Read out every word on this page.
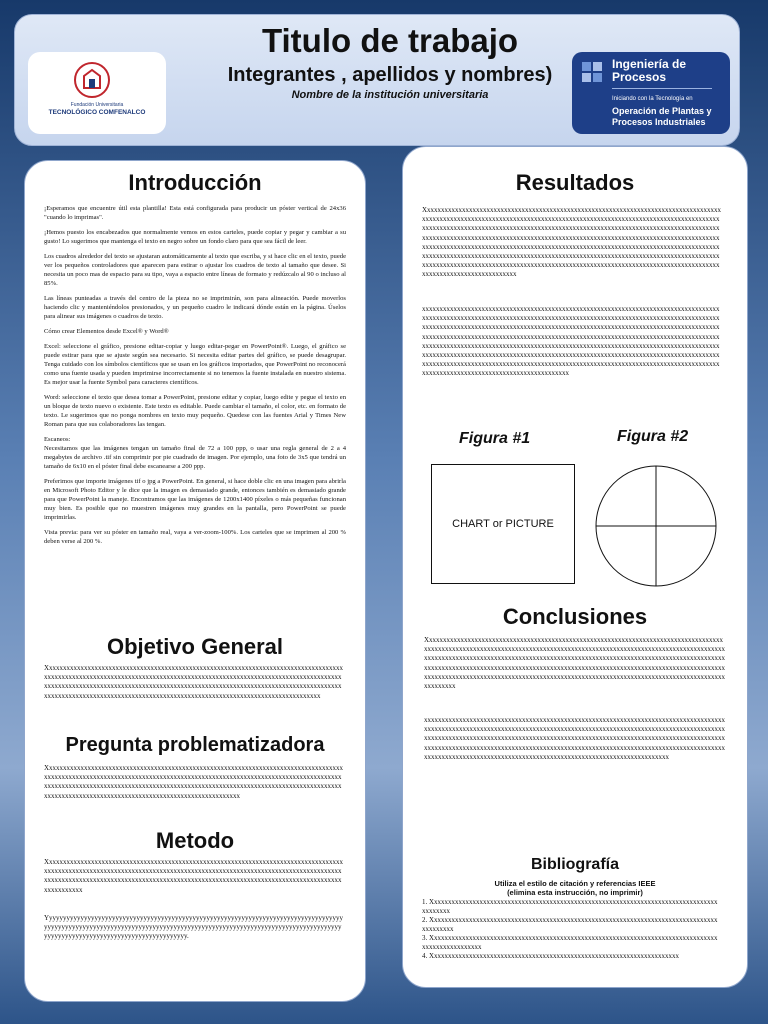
Fundación Universitaria
TECNOLÓGICO COMFENALCO
Titulo de trabajo
Integrantes , apellidos y nombres)
Nombre de la institución universitaria
Ingeniería de
Procesos
Iniciando con la Tecnología en
Operación de Plantas y
Procesos Industriales
Introducción

¡Esperamos que encuentre útil esta plantilla! Esta está configurada para producir un póster vertical de 24x36 "cuando lo imprimas".

¡Hemos puesto los encabezados que normalmente vemos en estos carteles, puede copiar y pegar y cambiar a su gusto! Lo sugerimos que mantenga el texto en negro sobre un fondo claro para que sea fácil de leer.

Los cuadros alrededor del texto se ajustaran automáticamente al texto que escriba, y si hace clic en el texto, puede ver los pequeños controladores que aparecen para estirar o ajustar los cuadros de texto al tamaño que desee. Si necesita un poco mas de espacio para su tipo, vaya a espacio entre líneas de formato y redúzcalo al 90 o incluso al 85%.

Las líneas punteadas a través del centro de la pieza no se imprimirán, son para alineación. Puede moverlos haciendo clic y manteniéndolos presionados, y un pequeño cuadro le indicará dónde están en la página. Úselos para alinear sus imágenes o cuadros de texto.

Cómo crear Elementos desde Excel® y Word®

Excel: seleccione el gráfico, presione editar-copiar y luego editar-pegar en PowerPoint®. Luego, el gráfico se puede estirar para que se ajuste según sea necesario. Si necesita editar partes del gráfico, se puede desagrupar. Tenga cuidado con los símbolos científicos que se usan en los gráficos importados, que PowerPoint no reconocerá como una fuente usada y pueden imprimirse incorrectamente si no tenemos la fuente instalada en nuestro sistema. Es mejor usar la fuente Symbol para caracteres científicos.

Word: seleccione el texto que desea tomar a PowerPoint, presione editar y copiar, luego edite y pegue el texto en un bloque de texto nuevo o existente. Este texto es editable. Puede cambiar el tamaño, el color, etc. en formato de texto. Le sugerimos que no ponga nombres en texto muy pequeño. Quedese con las fuentes Arial y Times New Roman para que sus colaboradores las tengan.

Escaneos:
Necesitamos que las imágenes tengan un tamaño final de 72 a 100 ppp, o usar una regla general de 2 a 4 megabytes de archivo .tif sin comprimir por pie cuadrado de imagen. Por ejemplo, una foto de 3x5 que tendrá un tamaño de 6x10 en el póster final debe escanearse a 200 ppp.

Preferimos que importe imágenes tif o jpg a PowerPoint. En general, si hace doble clic en una imagen para abrirla en Microsoft Photo Editor y le dice que la imagen es demasiado grande, entonces también es demasiado grande para que PowerPoint la maneje. Encontramos que las imágenes de 1200x1400 píxeles o más pequeñas funcionan muy bien. Es posible que no muestren imágenes muy grandes en la pantalla, pero PowerPoint se puede imprimirlas.

Vista previa: para ver su póster en tamaño real, vaya a ver-zoom-100%. Los carteles que se imprimen al 200 % deben verse al 200 %.

Objetivo General
Xxxxxxxxxxxxxxxxxxxxxxxxxxxxxxxxxxxxxxxxxxxxxxxxxxxxxxxxxxxxxxxxxxxxxxxxxxxxxxxxxxxxxxxxxxxxxxxxxxxxxxxxxxxxxxxxxxxxxxxxxxxxxxxxxxxxxxxxxxxxxxxxxxxxxxxxxxxxxxxxxxxxxxxxxxxxxxxxxxxxxxxxxxxxxxxxxxxxxxxxxxxxxxxxxxxxxxxxxxxxxxxxxxxxxxxxxxxxxxxxxxxxxxxxxxxxxxxxxxxxxxxxxxxxxxxxxxxxxxxxxxxxxxxxxxxxxxxxxxxxxxxxxxxxxxxxxxxxxxxxxxxxxxxxxxxxxx
Pregunta problematizadora
Xxxxxxxxxxxxxxxxxxxxxxxxxxxxxxxxxxxxxxxxxxxxxxxxxxxxxxxxxxxxxxxxxxxxxxxxxxxxxxxxxxxxxxxxxxxxxxxxxxxxxxxxxxxxxxxxxxxxxxxxxxxxxxxxxxxxxxxxxxxxxxxxxxxxxxxxxxxxxxxxxxxxxxxxxxxxxxxxxxxxxxxxxxxxxxxxxxxxxxxxxxxxxxxxxxxxxxxxxxxxxxxxxxxxxxxxxxxxxxxxxxxxxxxxxxxxxxxxxxxxxxxxxxxxxxxxxxxxxxxxxxxxxxxxxxxxxxxxxxxxxxxxxxxxxxx
Metodo
Xxxxxxxxxxxxxxxxxxxxxxxxxxxxxxxxxxxxxxxxxxxxxxxxxxxxxxxxxxxxxxxxxxxxxxxxxxxxxxxxxxxxxxxxxxxxxxxxxxxxxxxxxxxxxxxxxxxxxxxxxxxxxxxxxxxxxxxxxxxxxxxxxxxxxxxxxxxxxxxxxxxxxxxxxxxxxxxxxxxxxxxxxxxxxxxxxxxxxxxxxxxxxxxxxxxxxxxxxxxxxxxxxxxxxxxxxxxxxxxxxxxxxxxxxxxxxxxxxxxxxxxxxx
Yyyyyyyyyyyyyyyyyyyyyyyyyyyyyyyyyyyyyyyyyyyyyyyyyyyyyyyyyyyyyyyyyyyyyyyyyyyyyyyyyyyyyyyyyyyyyyyyyyyyyyyyyyyyyyyyyyyyyyyyyyyyyyyyyyyyyyyyyyyyyyyyyyyyyyyyyyyyyyyyyyyyyyyyyyyyyyyyyyyyyyyyyyyyyyyyyyyyyyyyyyyyyyyyyyy.
Resultados
Xxxxxxxxxxxxxxxxxxxxxxxxxxxxxxxxxxxxxxxxxxxxxxxxxxxxxxxxxxxxxxxxxxxxxxxxxxxxxxxxxxxxxxxxxxxxxxxxxxxxxxxxxxxxxxxxxxxxxxxxxxxxxxxxxxxxxxxxxxxxxxxxxxxxxxxxxxxxxxxxxxxxxxxxxxxxxxxxxxxxxxxxxxxxxxxxxxxxxxxxxxxxxxxxxxxxxxxxxxxxxxxxxxxxxxxxxxxxxxxxxxxxxxxxxxxxxxxxxxxxxxxxxxxxxxxxxxxxxxxxxxxxxxxxxxxxxxxxxxxxxxxxxxxxxxxxxxxxxxxxxxxxxxxxxxxxxxxxxxxxxxxxxxxxxxxxxxxxxxxxxxxxxxxxxxxxxxxxxxxxxxxxxxxxxxxxxxxxxxxxxxxxxxxxxxxxxxxxxxxxxxxxxxxxxxxxxxxxxxxxxxxxxxxxxxxxxxxxxxxxxxxxxxxxxxxxxxxxxxxxxxxxxxxxxxxxxxxxxxxxxxxxxxxxxxxxxxxxxxxxxxxxxxxxxxxxxxxxxxxxxxxxxxxxxxxxxxxxxxxxxxxxxxxxxxxxxxxxxxxxxxxxxxxxxxxxxxxxxxxxxxxxxxxxxxxxxxxxxxxxxx
xxxxxxxxxxxxxxxxxxxxxxxxxxxxxxxxxxxxxxxxxxxxxxxxxxxxxxxxxxxxxxxxxxxxxxxxxxxxxxxxxxxxxxxxxxxxxxxxxxxxxxxxxxxxxxxxxxxxxxxxxxxxxxxxxxxxxxxxxxxxxxxxxxxxxxxxxxxxxxxxxxxxxxxxxxxxxxxxxxxxxxxxxxxxxxxxxxxxxxxxxxxxxxxxxxxxxxxxxxxxxxxxxxxxxxxxxxxxxxxxxxxxxxxxxxxxxxxxxxxxxxxxxxxxxxxxxxxxxxxxxxxxxxxxxxxxxxxxxxxxxxxxxxxxxxxxxxxxxxxxxxxxxxxxxxxxxxxxxxxxxxxxxxxxxxxxxxxxxxxxxxxxxxxxxxxxxxxxxxxxxxxxxxxxxxxxxxxxxxxxxxxxxxxxxxxxxxxxxxxxxxxxxxxxxxxxxxxxxxxxxxxxxxxxxxxxxxxxxxxxxxxxxxxxxxxxxxxxxxxxxxxxxxxxxxxxxxxxxxxxxxxxxxxxxxxxxxxxxxxxxxxxxxxxxxxxxxxxxxxxxxxxxxxxxxxxxxxxxxxxxxxxxxxxxxxxxxxxxxxxxxxxxxxxxxxxxxxxxxxxxxxxxxxxxxxxxxxxxxxxxxxxxxxxxxxxxxxxx
Figura #1	Figura #2
CHART or PICTURE
Conclusiones
Xxxxxxxxxxxxxxxxxxxxxxxxxxxxxxxxxxxxxxxxxxxxxxxxxxxxxxxxxxxxxxxxxxxxxxxxxxxxxxxxxxxxxxxxxxxxxxxxxxxxxxxxxxxxxxxxxxxxxxxxxxxxxxxxxxxxxxxxxxxxxxxxxxxxxxxxxxxxxxxxxxxxxxxxxxxxxxxxxxxxxxxxxxxxxxxxxxxxxxxxxxxxxxxxxxxxxxxxxxxxxxxxxxxxxxxxxxxxxxxxxxxxxxxxxxxxxxxxxxxxxxxxxxxxxxxxxxxxxxxxxxxxxxxxxxxxxxxxxxxxxxxxxxxxxxxxxxxxxxxxxxxxxxxxxxxxxxxxxxxxxxxxxxxxxxxxxxxxxxxxxxxxxxxxxxxxxxxxxxxxxxxxxxxxxxxxxxxxxxxxxxxxxxxxxxxxxxxxxxxxxxxxxxxxxxxxxxxxxx
xxxxxxxxxxxxxxxxxxxxxxxxxxxxxxxxxxxxxxxxxxxxxxxxxxxxxxxxxxxxxxxxxxxxxxxxxxxxxxxxxxxxxxxxxxxxxxxxxxxxxxxxxxxxxxxxxxxxxxxxxxxxxxxxxxxxxxxxxxxxxxxxxxxxxxxxxxxxxxxxxxxxxxxxxxxxxxxxxxxxxxxxxxxxxxxxxxxxxxxxxxxxxxxxxxxxxxxxxxxxxxxxxxxxxxxxxxxxxxxxxxxxxxxxxxxxxxxxxxxxxxxxxxxxxxxxxxxxxxxxxxxxxxxxxxxxxxxxxxxxxxxxxxxxxxxxxxxxxxxxxxxxxxxxxxxxxxxxxxxxxxxxxxxxxxxxxxxxxxxxxxxxxxxxxxxxxxxxxxxxxxxxxxxxxxxxxxxxxxxxxxxxxxxxxxxxxx
Bibliografía
Utiliza el estilo de citación y referencias IEEE
(elimina esta instrucción, no imprimir)
1. Xxxxxxxxxxxxxxxxxxxxxxxxxxxxxxxxxxxxxxxxxxxxxxxxxxxxxxxxxxxxxxxxxxxxxxxxxxxxxxxxxxxxxxxxxx
2. Xxxxxxxxxxxxxxxxxxxxxxxxxxxxxxxxxxxxxxxxxxxxxxxxxxxxxxxxxxxxxxxxxxxxxxxxxxxxxxxxxxxxxxxxxxx
3. Xxxxxxxxxxxxxxxxxxxxxxxxxxxxxxxxxxxxxxxxxxxxxxxxxxxxxxxxxxxxxxxxxxxxxxxxxxxxxxxxxxxxxxxxxxxxxxxxxxx
4. Xxxxxxxxxxxxxxxxxxxxxxxxxxxxxxxxxxxxxxxxxxxxxxxxxxxxxxxxxxxxxxxxxxxxxxx
